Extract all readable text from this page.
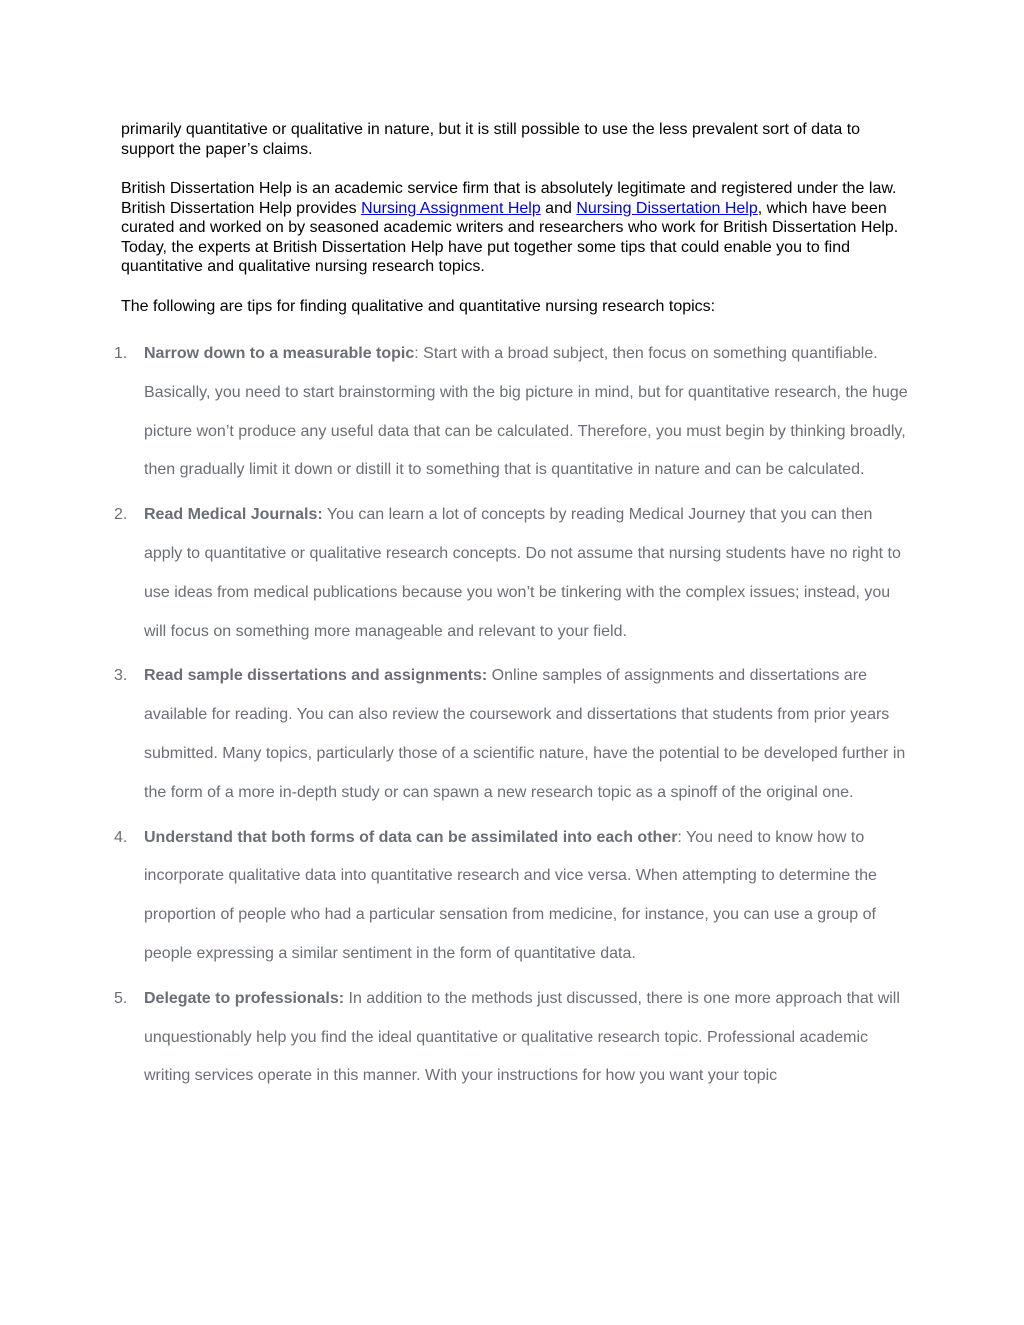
primarily quantitative or qualitative in nature, but it is still possible to use the less prevalent sort of data to support the paper’s claims.

British Dissertation Help is an academic service firm that is absolutely legitimate and registered under the law. British Dissertation Help provides Nursing Assignment Help and Nursing Dissertation Help, which have been curated and worked on by seasoned academic writers and researchers who work for British Dissertation Help. Today, the experts at British Dissertation Help have put together some tips that could enable you to find quantitative and qualitative nursing research topics.

The following are tips for finding qualitative and quantitative nursing research topics:

1.	Narrow down to a measurable topic: Start with a broad subject, then focus on something quantifiable. Basically, you need to start brainstorming with the big picture in mind, but for quantitative research, the huge picture won’t produce any useful data that can be calculated. Therefore, you must begin by thinking broadly, then gradually limit it down or distill it to something that is quantitative in nature and can be calculated.
2.	Read Medical Journals: You can learn a lot of concepts by reading Medical Journey that you can then apply to quantitative or qualitative research concepts. Do not assume that nursing students have no right to use ideas from medical publications because you won’t be tinkering with the complex issues; instead, you will focus on something more manageable and relevant to your field.
3.	Read sample dissertations and assignments: Online samples of assignments and dissertations are available for reading. You can also review the coursework and dissertations that students from prior years submitted. Many topics, particularly those of a scientific nature, have the potential to be developed further in the form of a more in-depth study or can spawn a new research topic as a spinoff of the original one.
4.	Understand that both forms of data can be assimilated into each other: You need to know how to incorporate qualitative data into quantitative research and vice versa. When attempting to determine the proportion of people who had a particular sensation from medicine, for instance, you can use a group of people expressing a similar sentiment in the form of quantitative data.
5.	Delegate to professionals: In addition to the methods just discussed, there is one more approach that will unquestionably help you find the ideal quantitative or qualitative research topic. Professional academic writing services operate in this manner. With your instructions for how you want your topic
